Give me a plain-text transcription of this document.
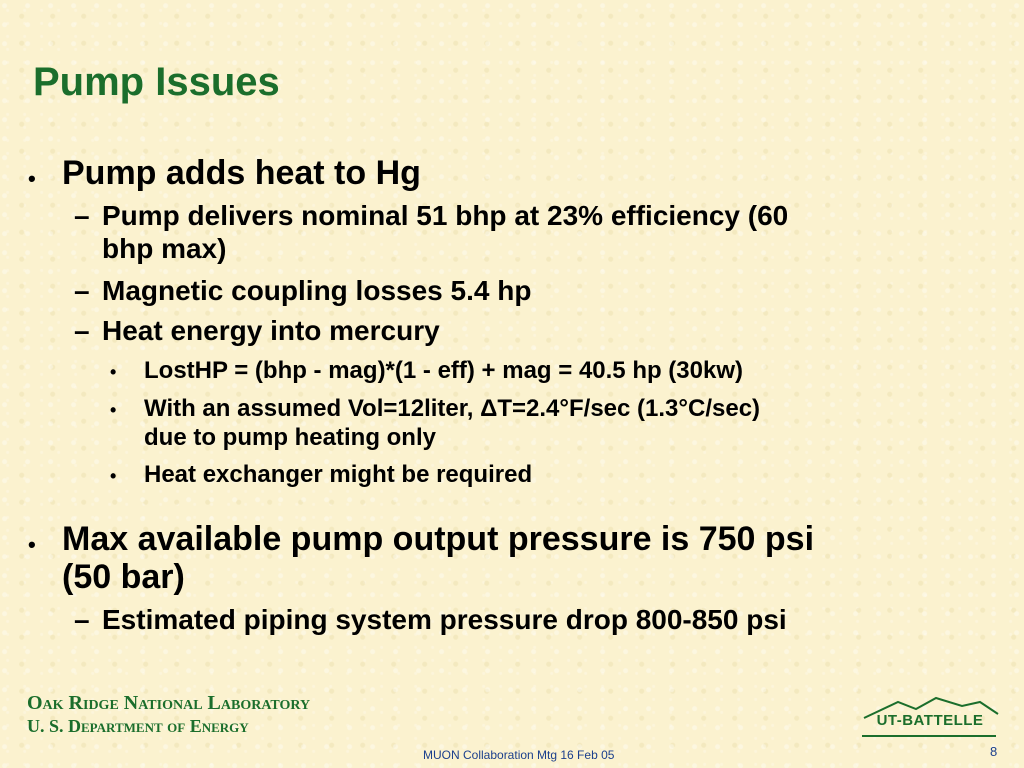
Pump Issues
• Pump adds heat to Hg
– Pump delivers nominal 51 bhp at 23% efficiency (60
bhp max)
– Magnetic coupling losses 5.4 hp
– Heat energy into mercury
• LostHP = (bhp - mag)*(1 - eff) + mag = 40.5 hp (30kw)
• With an assumed Vol=12liter, ΔT=2.4°F/sec (1.3°C/sec)
due to pump heating only
• Heat exchanger might be required
• Max available pump output pressure is 750 psi
(50 bar)
– Estimated piping system pressure drop 800-850 psi
Oak Ridge National Laboratory
U. S. Department of Energy	UT-BATTELLE
MUON Collaboration Mtg 16 Feb 05	8
